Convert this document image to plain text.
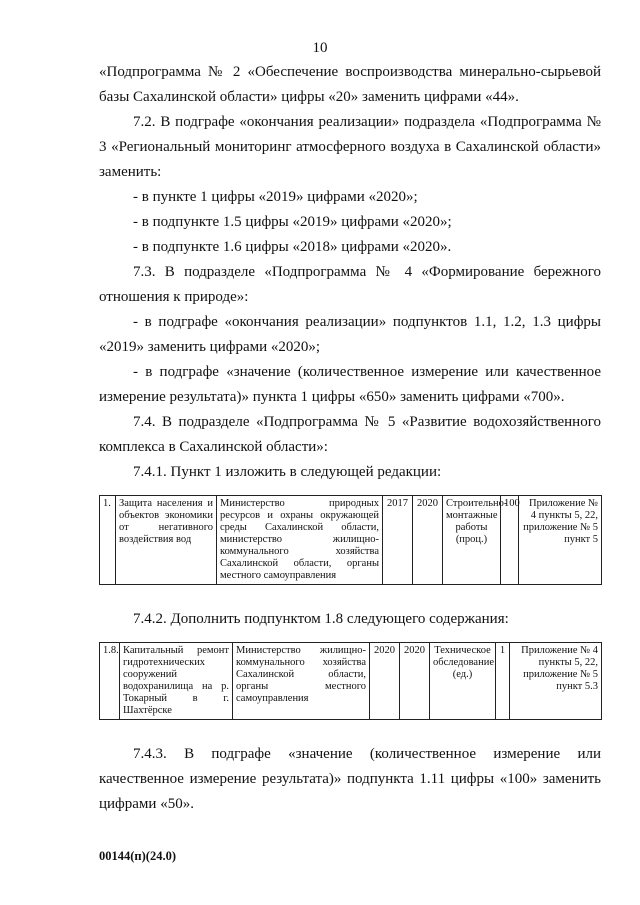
10

«Подпрограмма № 2 «Обеспечение воспроизводства минерально-сырьевой

базы Сахалинской области» цифры «20» заменить цифрами «44».

7.2. В подграфе «окончания реализации» подраздела «Подпрограмма № 3 «Региональный мониторинг атмосферного воздуха в Сахалинской области» заменить:

- в пункте 1 цифры «2019» цифрами «2020»;

- в подпункте 1.5 цифры «2019» цифрами «2020»;

- в подпункте 1.6 цифры «2018» цифрами «2020».

7.3. В подразделе «Подпрограмма № 4 «Формирование бережного отношения к природе»:

- в подграфе «окончания реализации» подпунктов 1.1, 1.2, 1.3 цифры «2019» заменить цифрами «2020»;

- в подграфе «значение (количественное измерение или качественное измерение результата)» пункта 1 цифры «650» заменить цифрами «700».

7.4. В подразделе «Подпрограмма № 5 «Развитие водохозяйственного комплекса в Сахалинской области»:

7.4.1. Пункт 1 изложить в следующей редакции:

1.	Защита населения и объектов экономики от негативного воздействия вод	Министерство природных ресурсов и охраны окружающей среды Сахалинской области, министерство жилищно-коммунального хозяйства Сахалинской области, органы местного самоуправления	2017	2020	Строительно-монтажные работы (проц.)	100	Приложение № 4 пункты 5, 22, приложение № 5 пункт 5

7.4.2. Дополнить подпунктом 1.8 следующего содержания:

1.8.	Капитальный ремонт гидротехнических сооружений водохранилища на р. Токарный в г. Шахтёрске	Министерство жилищно-коммунального хозяйства Сахалинской области, органы местного самоуправления	2020	2020	Техническое обследование (ед.)	1	Приложение № 4 пункты 5, 22, приложение № 5 пункт 5.3

7.4.3. В подграфе «значение (количественное измерение или качественное измерение результата)» подпункта 1.11 цифры «100» заменить цифрами «50».

00144(п)(24.0)
